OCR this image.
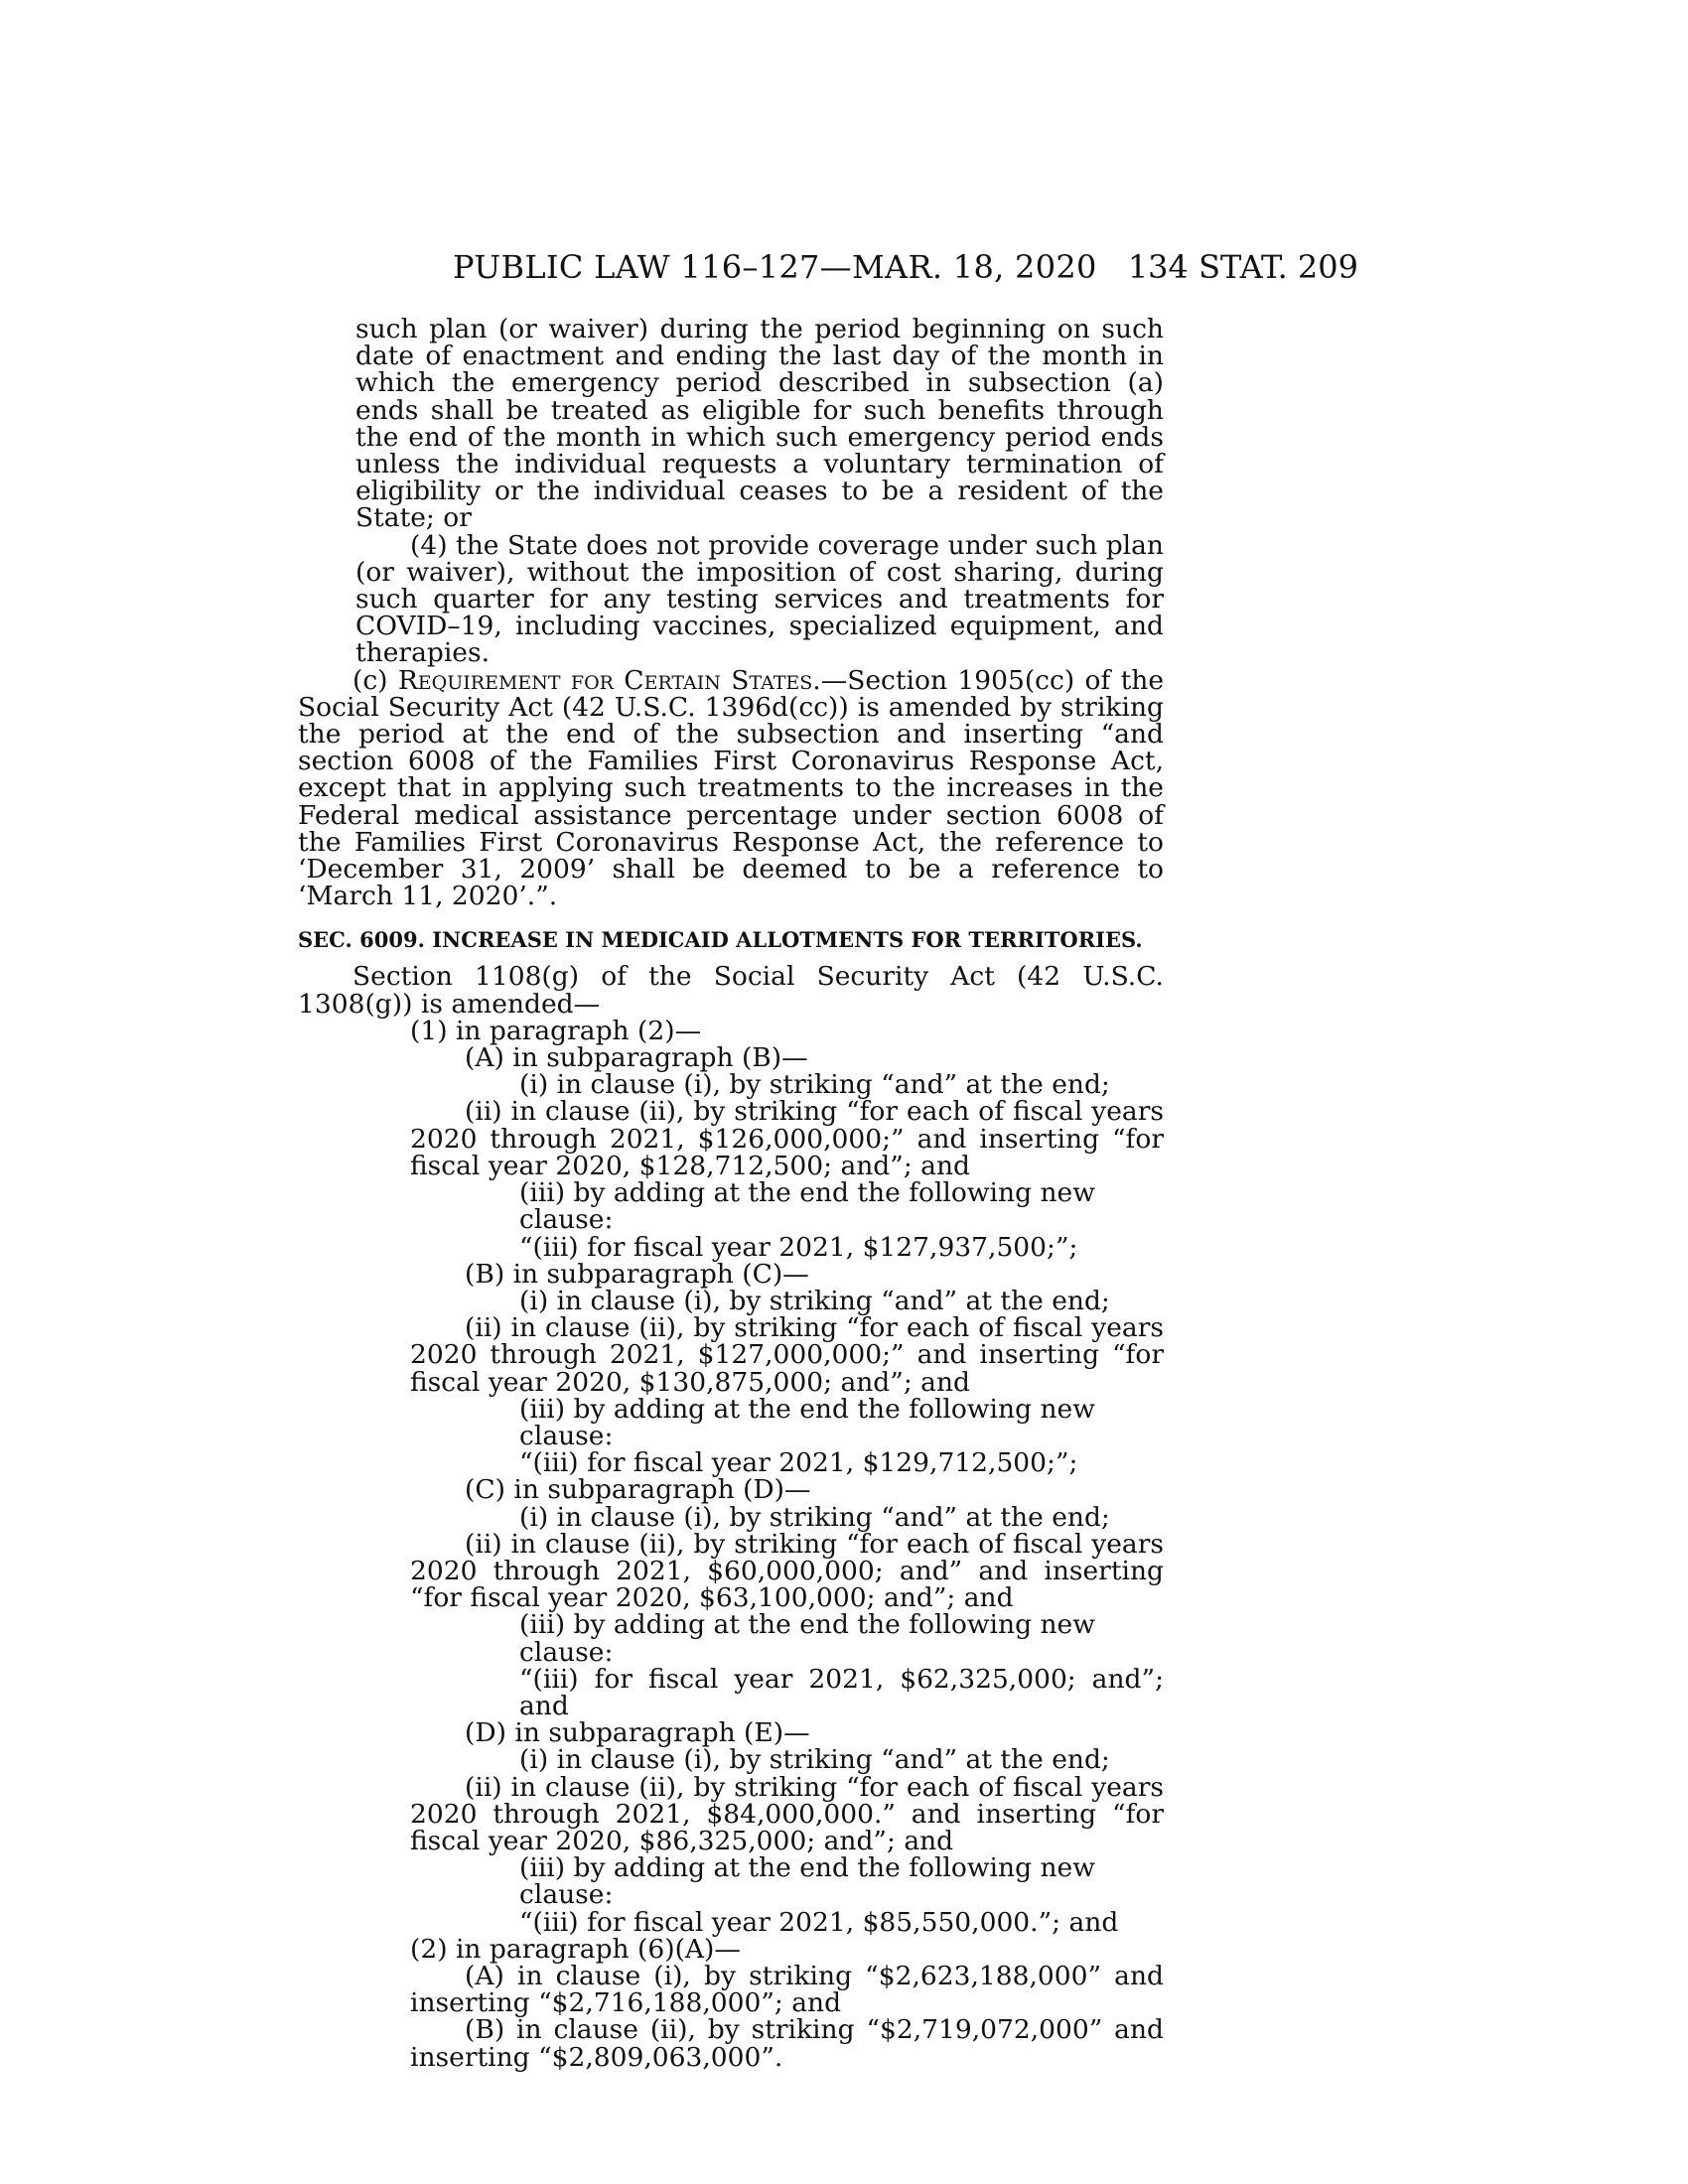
PUBLIC LAW 116–127—MAR. 18, 2020 134 STAT. 209

such plan (or waiver) during the period beginning on such date of enactment and ending the last day of the month in which the emergency period described in subsection (a) ends shall be treated as eligible for such benefits through the end of the month in which such emergency period ends unless the individual requests a voluntary termination of eligibility or the individual ceases to be a resident of the State; or

(4) the State does not provide coverage under such plan (or waiver), without the imposition of cost sharing, during such quarter for any testing services and treatments for COVID–19, including vaccines, specialized equipment, and therapies.

(c) Requirement for Certain States.—Section 1905(cc) of the Social Security Act (42 U.S.C. 1396d(cc)) is amended by striking the period at the end of the subsection and inserting “and section 6008 of the Families First Coronavirus Response Act, except that in applying such treatments to the increases in the Federal medical assistance percentage under section 6008 of the Families First Coronavirus Response Act, the reference to ‘December 31, 2009’ shall be deemed to be a reference to ‘March 11, 2020’.”.

SEC. 6009. INCREASE IN MEDICAID ALLOTMENTS FOR TERRITORIES.

Section 1108(g) of the Social Security Act (42 U.S.C. 1308(g)) is amended—

(1) in paragraph (2)—

(A) in subparagraph (B)—

(i) in clause (i), by striking “and” at the end;

(ii) in clause (ii), by striking “for each of fiscal years 2020 through 2021, $126,000,000;” and inserting “for fiscal year 2020, $128,712,500; and”; and

(iii) by adding at the end the following new clause:

“(iii) for fiscal year 2021, $127,937,500;”;

(B) in subparagraph (C)—

(i) in clause (i), by striking “and” at the end;

(ii) in clause (ii), by striking “for each of fiscal years 2020 through 2021, $127,000,000;” and inserting “for fiscal year 2020, $130,875,000; and”; and

(iii) by adding at the end the following new clause:

“(iii) for fiscal year 2021, $129,712,500;”;

(C) in subparagraph (D)—

(i) in clause (i), by striking “and” at the end;

(ii) in clause (ii), by striking “for each of fiscal years 2020 through 2021, $60,000,000; and” and inserting “for fiscal year 2020, $63,100,000; and”; and

(iii) by adding at the end the following new clause:

“(iii) for fiscal year 2021, $62,325,000; and”; and

(D) in subparagraph (E)—

(i) in clause (i), by striking “and” at the end;

(ii) in clause (ii), by striking “for each of fiscal years 2020 through 2021, $84,000,000.” and inserting “for fiscal year 2020, $86,325,000; and”; and

(iii) by adding at the end the following new clause:

“(iii) for fiscal year 2021, $85,550,000.”; and

(2) in paragraph (6)(A)—

(A) in clause (i), by striking “$2,623,188,000” and inserting “$2,716,188,000”; and

(B) in clause (ii), by striking “$2,719,072,000” and inserting “$2,809,063,000”.
